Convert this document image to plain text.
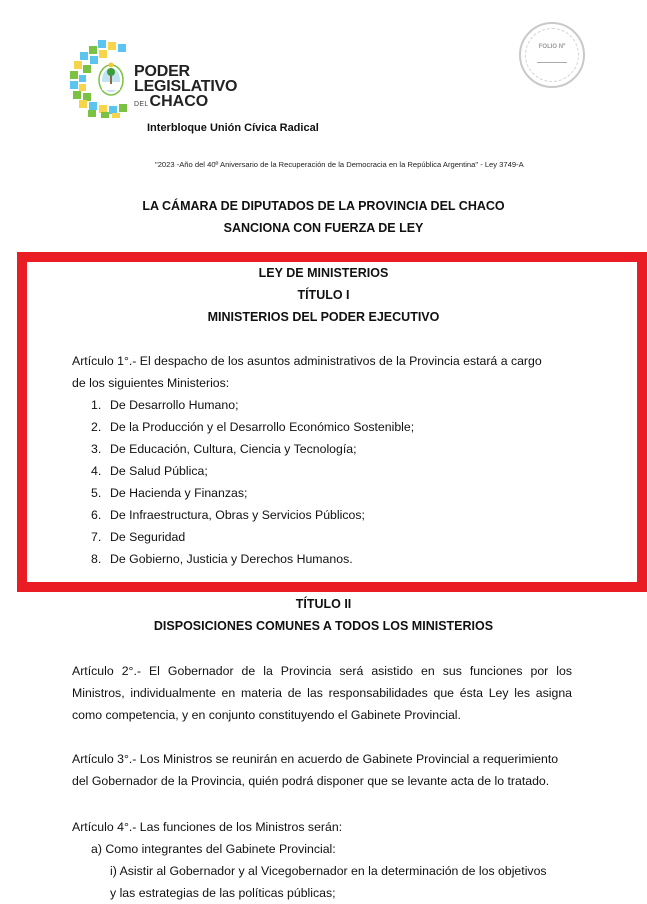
PODER
LEGISLATIVO
DELCHACO
Interbloque Unión Cívica Radical
FOLIO Nº
"2023 -Año del 40º Aniversario de la Recuperación de la Democracia en la República Argentina" - Ley 3749-A
LA CÁMARA DE DIPUTADOS DE LA PROVINCIA DEL CHACO
SANCIONA CON FUERZA DE LEY
LEY DE MINISTERIOS
TÍTULO I
MINISTERIOS DEL PODER EJECUTIVO
Artículo 1°.- El despacho de los asuntos administrativos de la Provincia estará a cargo
de los siguientes Ministerios:
1. De Desarrollo Humano;
2. De la Producción y el Desarrollo Económico Sostenible;
3. De Educación, Cultura, Ciencia y Tecnología;
4. De Salud Pública;
5. De Hacienda y Finanzas;
6. De Infraestructura, Obras y Servicios Públicos;
7. De Seguridad
8. De Gobierno, Justicia y Derechos Humanos.
TÍTULO II
DISPOSICIONES COMUNES A TODOS LOS MINISTERIOS
Artículo 2°.- El Gobernador de la Provincia será asistido en sus funciones por los
Ministros, individualmente en materia de las responsabilidades que ésta Ley les asigna
como competencia, y en conjunto constituyendo el Gabinete Provincial.
Artículo 3°.- Los Ministros se reunirán en acuerdo de Gabinete Provincial a requerimiento
del Gobernador de la Provincia, quién podrá disponer que se levante acta de lo tratado.
Artículo 4°.- Las funciones de los Ministros serán:
a) Como integrantes del Gabinete Provincial:
i) Asistir al Gobernador y al Vicegobernador en la determinación de los objetivos
y las estrategias de las políticas públicas;
